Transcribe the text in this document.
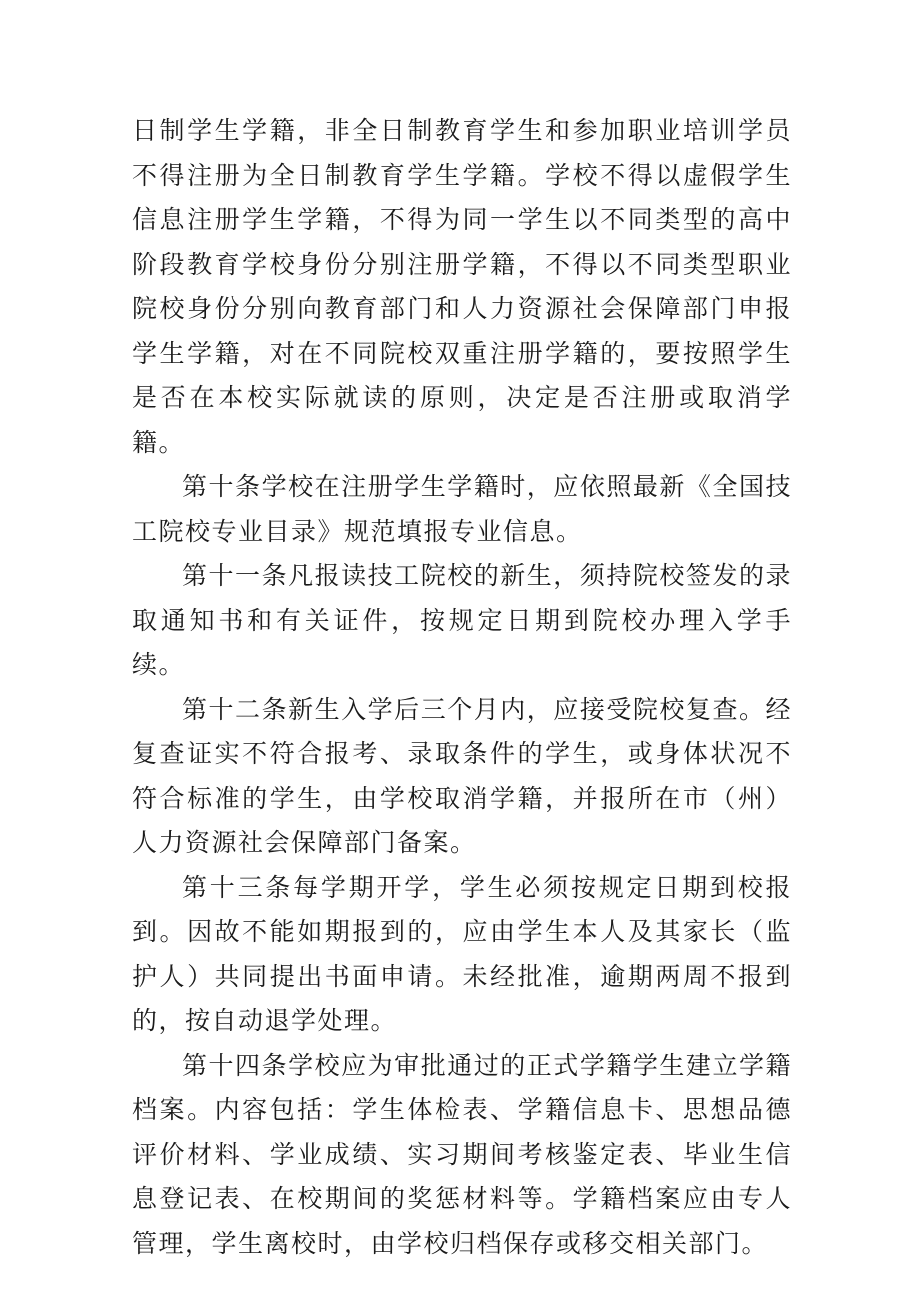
日制学生学籍，非全日制教育学生和参加职业培训学员不得注册为全日制教育学生学籍。学校不得以虚假学生信息注册学生学籍，不得为同一学生以不同类型的高中阶段教育学校身份分别注册学籍，不得以不同类型职业院校身份分别向教育部门和人力资源社会保障部门申报学生学籍，对在不同院校双重注册学籍的，要按照学生是否在本校实际就读的原则，决定是否注册或取消学籍。

第十条学校在注册学生学籍时，应依照最新《全国技工院校专业目录》规范填报专业信息。

第十一条凡报读技工院校的新生，须持院校签发的录取通知书和有关证件，按规定日期到院校办理入学手续。

第十二条新生入学后三个月内，应接受院校复查。经复查证实不符合报考、录取条件的学生，或身体状况不符合标准的学生，由学校取消学籍，并报所在市（州）人力资源社会保障部门备案。

第十三条每学期开学，学生必须按规定日期到校报到。因故不能如期报到的，应由学生本人及其家长（监护人）共同提出书面申请。未经批准，逾期两周不报到的，按自动退学处理。

第十四条学校应为审批通过的正式学籍学生建立学籍档案。内容包括：学生体检表、学籍信息卡、思想品德评价材料、学业成绩、实习期间考核鉴定表、毕业生信息登记表、在校期间的奖惩材料等。学籍档案应由专人管理，学生离校时，由学校归档保存或移交相关部门。
